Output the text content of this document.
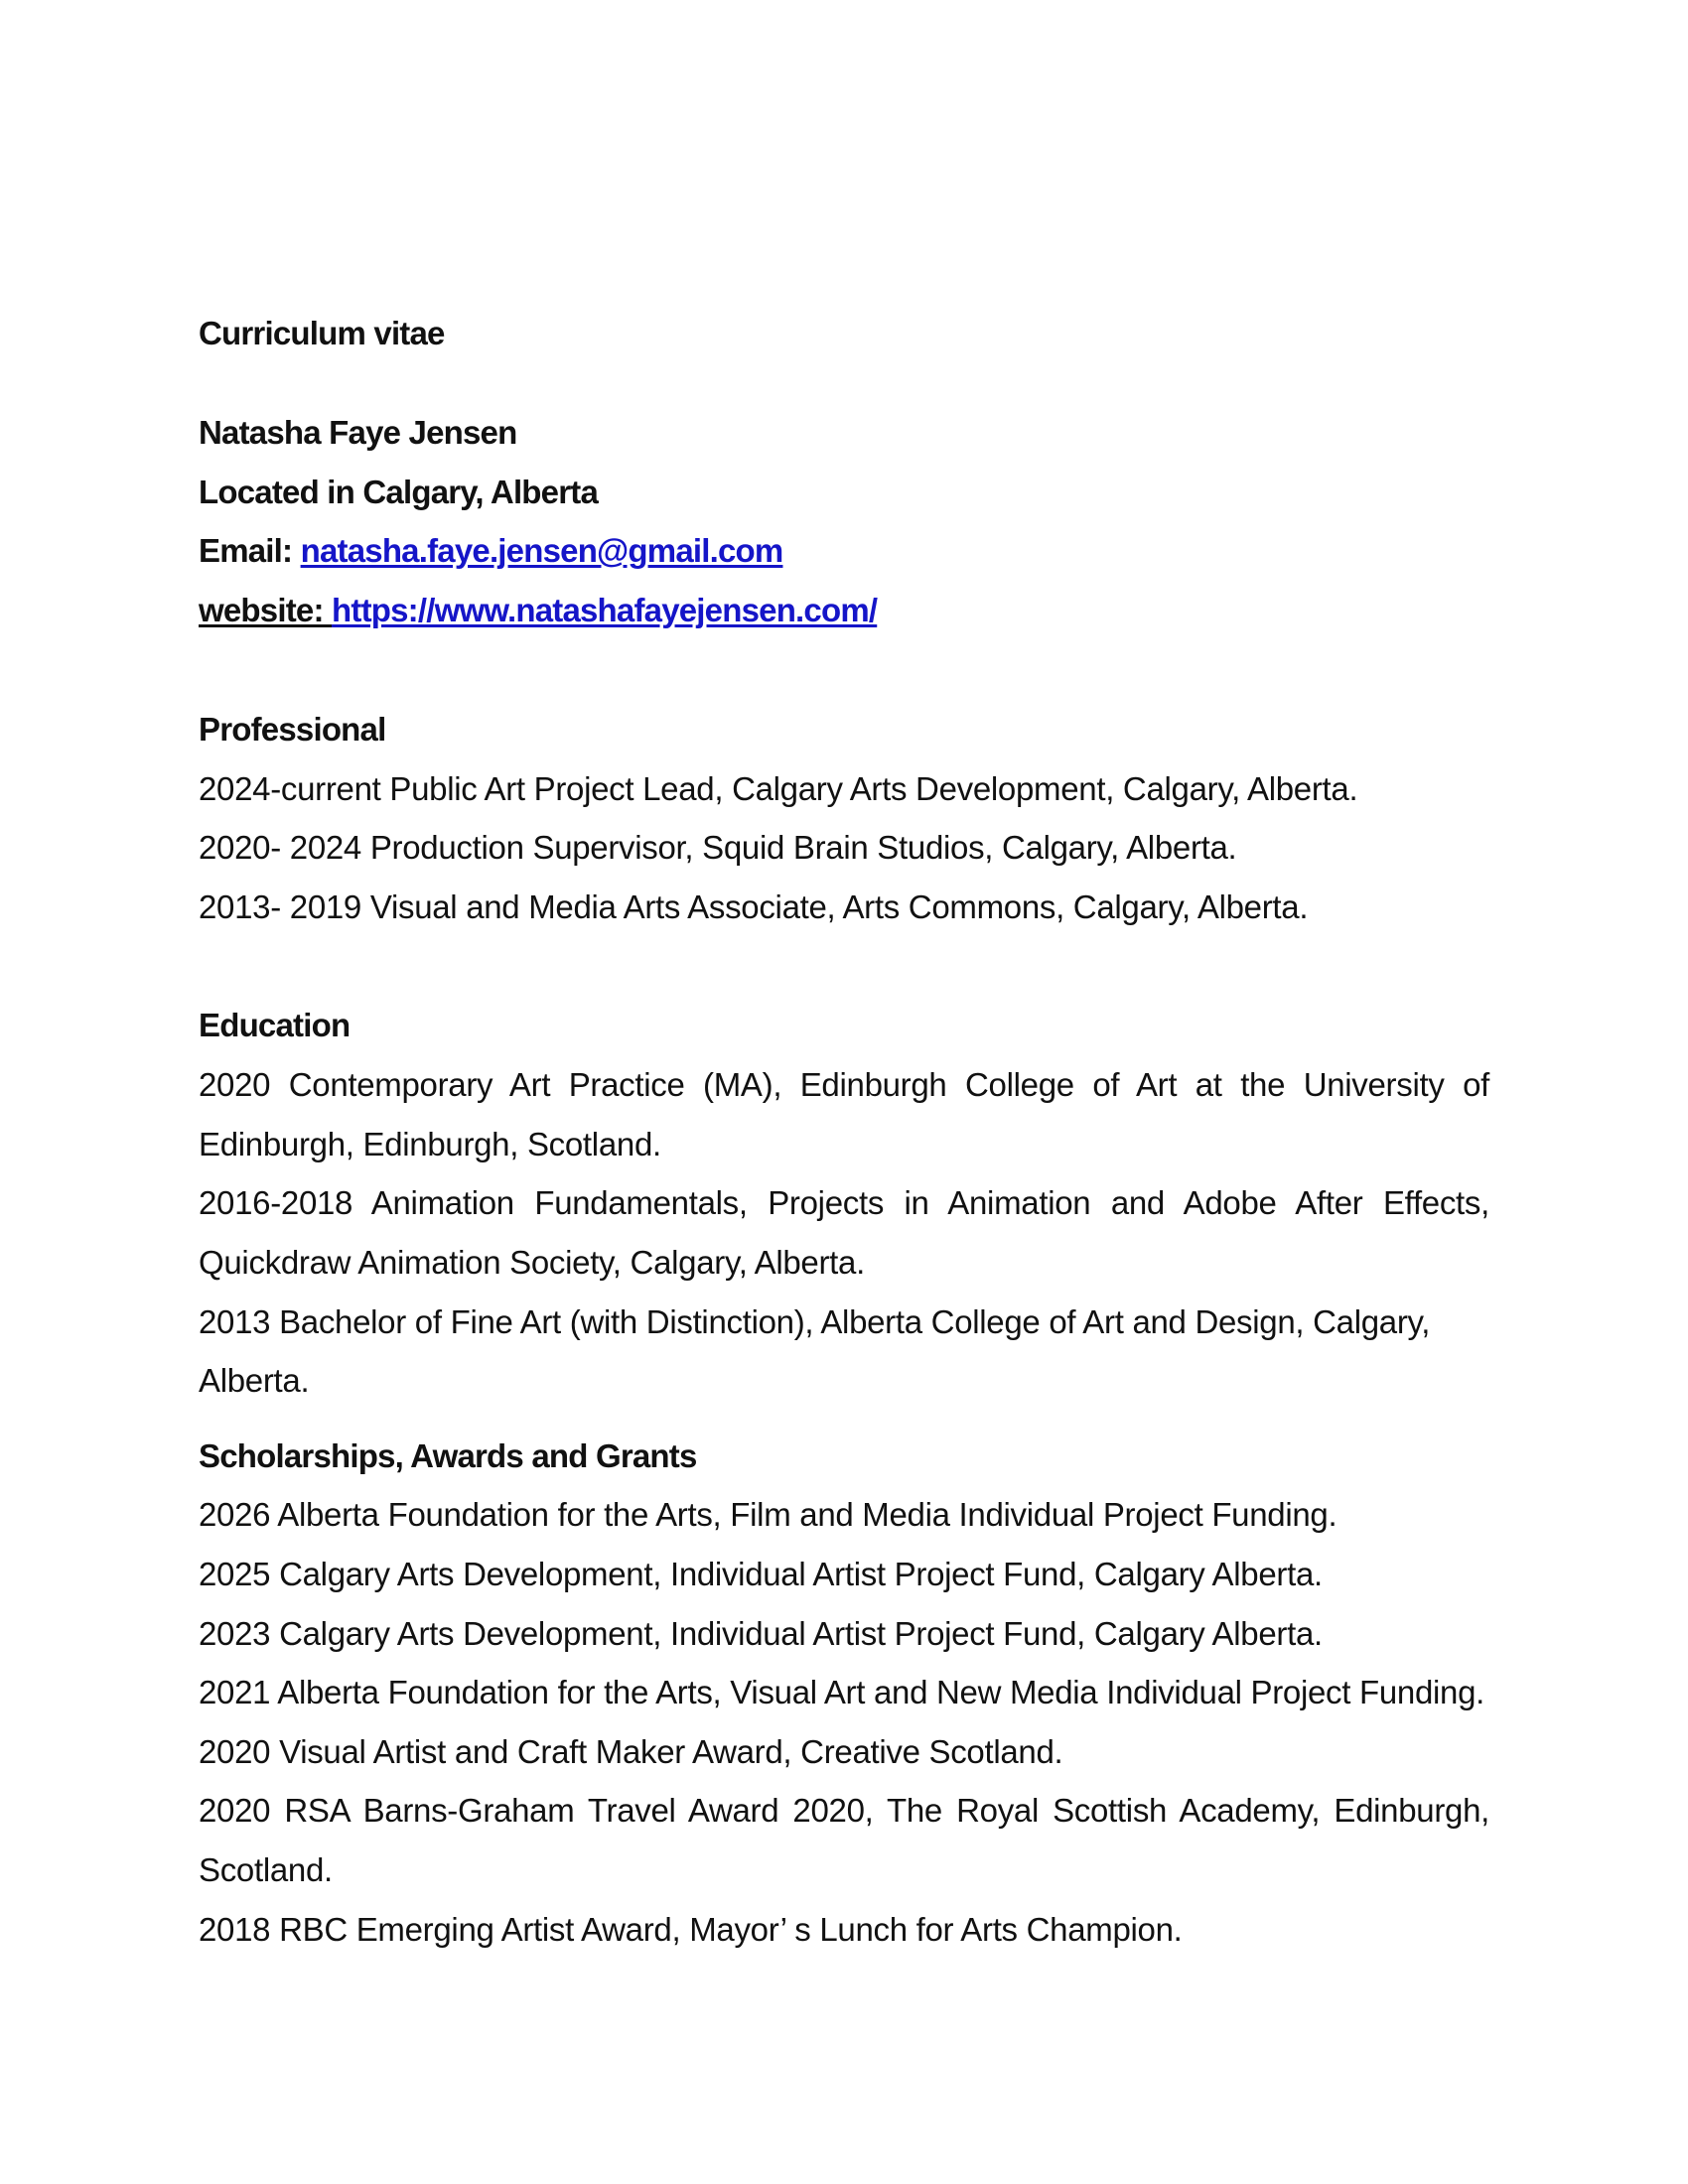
Curriculum vitae
Natasha Faye Jensen
Located in Calgary, Alberta
Email: natasha.faye.jensen@gmail.com
website: https://www.natashafayejensen.com/
Professional
2024-current Public Art Project Lead, Calgary Arts Development, Calgary, Alberta.
2020- 2024 Production Supervisor, Squid Brain Studios, Calgary, Alberta.
2013- 2019 Visual and Media Arts Associate, Arts Commons, Calgary, Alberta.
Education
2020 Contemporary Art Practice (MA), Edinburgh College of Art at the University of
Edinburgh, Edinburgh, Scotland.
2016-2018 Animation Fundamentals, Projects in Animation and Adobe After Effects,
Quickdraw Animation Society, Calgary, Alberta.
2013 Bachelor of Fine Art (with Distinction), Alberta College of Art and Design, Calgary,
Alberta.
Scholarships, Awards and Grants
2026 Alberta Foundation for the Arts, Film and Media Individual Project Funding.
2025 Calgary Arts Development, Individual Artist Project Fund, Calgary Alberta.
2023 Calgary Arts Development, Individual Artist Project Fund, Calgary Alberta.
2021 Alberta Foundation for the Arts, Visual Art and New Media Individual Project Funding.
2020 Visual Artist and Craft Maker Award, Creative Scotland.
2020 RSA Barns-Graham Travel Award 2020, The Royal Scottish Academy, Edinburgh,
Scotland.
2018 RBC Emerging Artist Award, Mayor’ s Lunch for Arts Champion.
